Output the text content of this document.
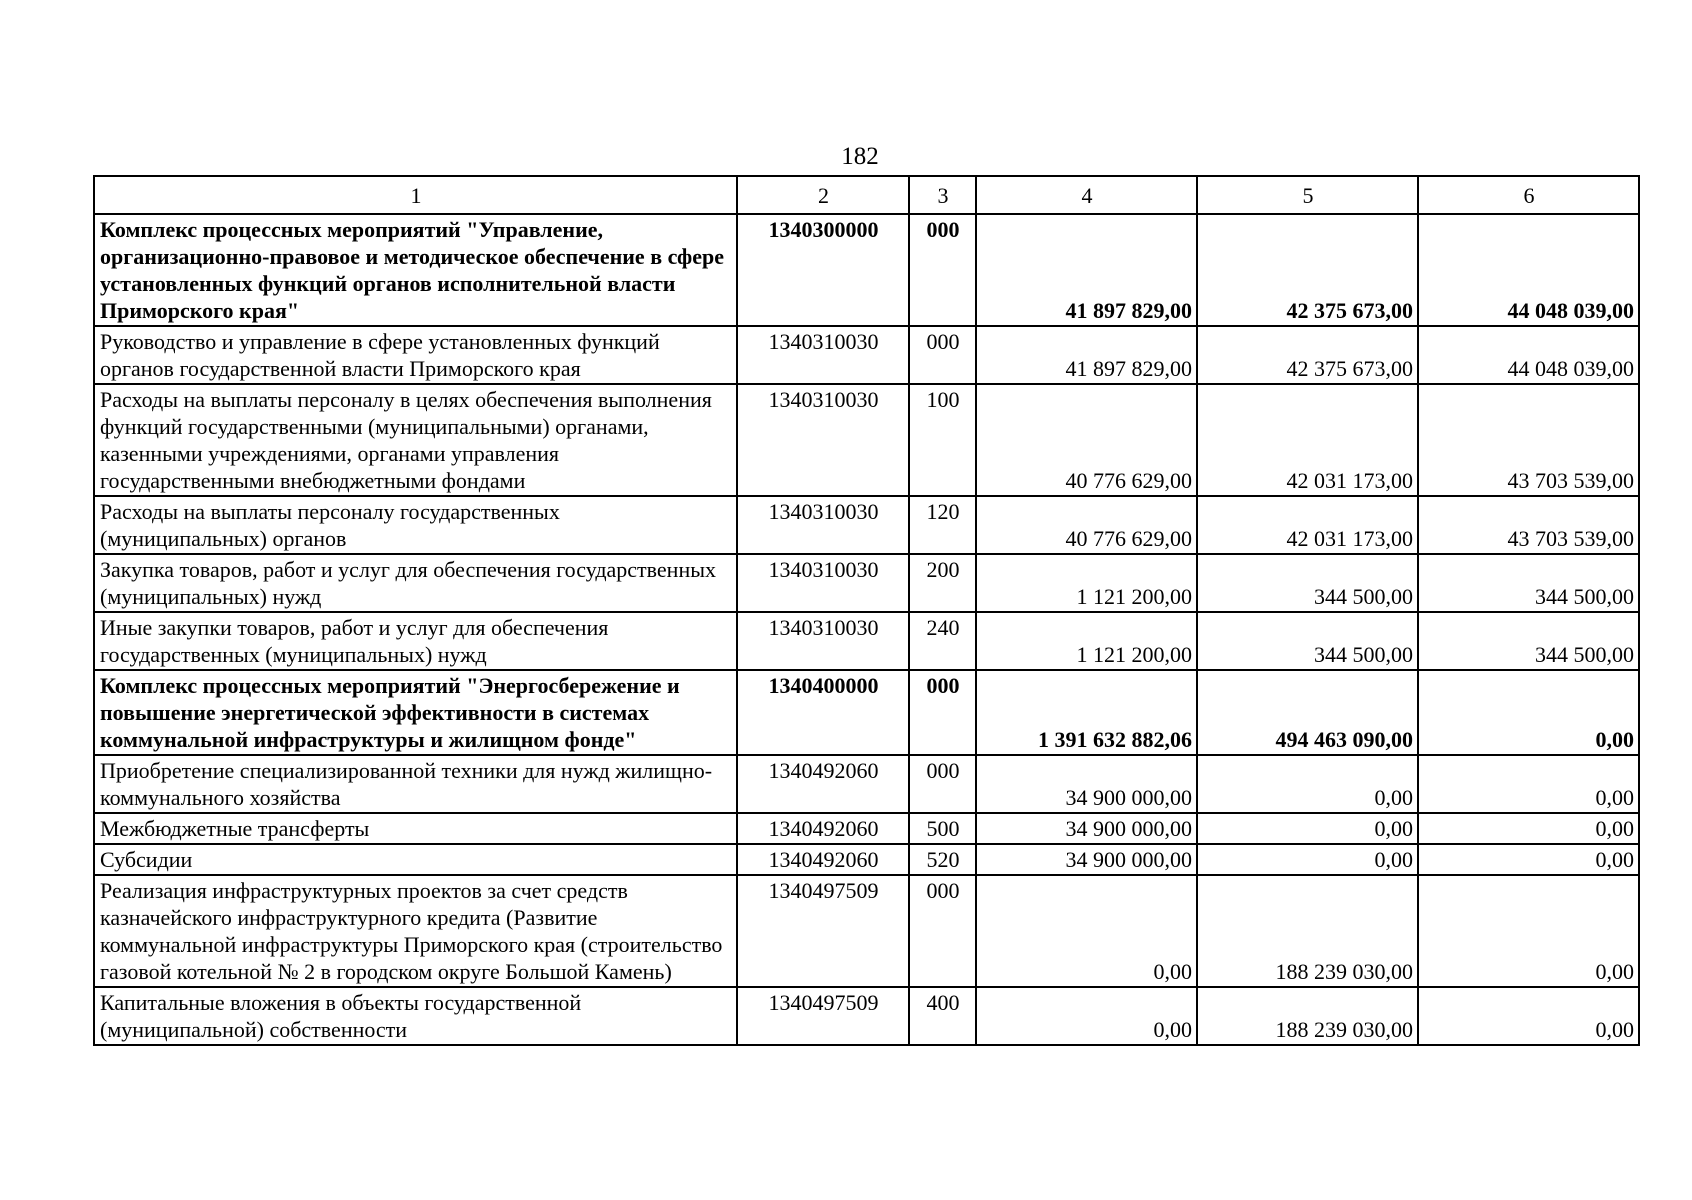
182
1	2	3	4	5	6
Комплекс процессных мероприятий "Управление, организационно-правовое и методическое обеспечение в сфере установленных функций органов исполнительной власти Приморского края"	1340300000	000	41 897 829,00	42 375 673,00	44 048 039,00
Руководство и управление в сфере установленных функций органов государственной власти Приморского края	1340310030	000	41 897 829,00	42 375 673,00	44 048 039,00
Расходы на выплаты персоналу в целях обеспечения выполнения функций государственными (муниципальными) органами, казенными учреждениями, органами управления государственными внебюджетными фондами	1340310030	100	40 776 629,00	42 031 173,00	43 703 539,00
Расходы на выплаты персоналу государственных (муниципальных) органов	1340310030	120	40 776 629,00	42 031 173,00	43 703 539,00
Закупка товаров, работ и услуг для обеспечения государственных (муниципальных) нужд	1340310030	200	1 121 200,00	344 500,00	344 500,00
Иные закупки товаров, работ и услуг для обеспечения государственных (муниципальных) нужд	1340310030	240	1 121 200,00	344 500,00	344 500,00
Комплекс процессных мероприятий "Энергосбережение и повышение энергетической эффективности в системах коммунальной инфраструктуры и жилищном фонде"	1340400000	000	1 391 632 882,06	494 463 090,00	0,00
Приобретение специализированной техники для нужд жилищно-коммунального хозяйства	1340492060	000	34 900 000,00	0,00	0,00
Межбюджетные трансферты	1340492060	500	34 900 000,00	0,00	0,00
Субсидии	1340492060	520	34 900 000,00	0,00	0,00
Реализация инфраструктурных проектов за счет средств казначейского инфраструктурного кредита (Развитие коммунальной инфраструктуры Приморского края (строительство газовой котельной № 2 в городском округе Большой Камень)	1340497509	000	0,00	188 239 030,00	0,00
Капитальные вложения в объекты государственной (муниципальной) собственности	1340497509	400	0,00	188 239 030,00	0,00
